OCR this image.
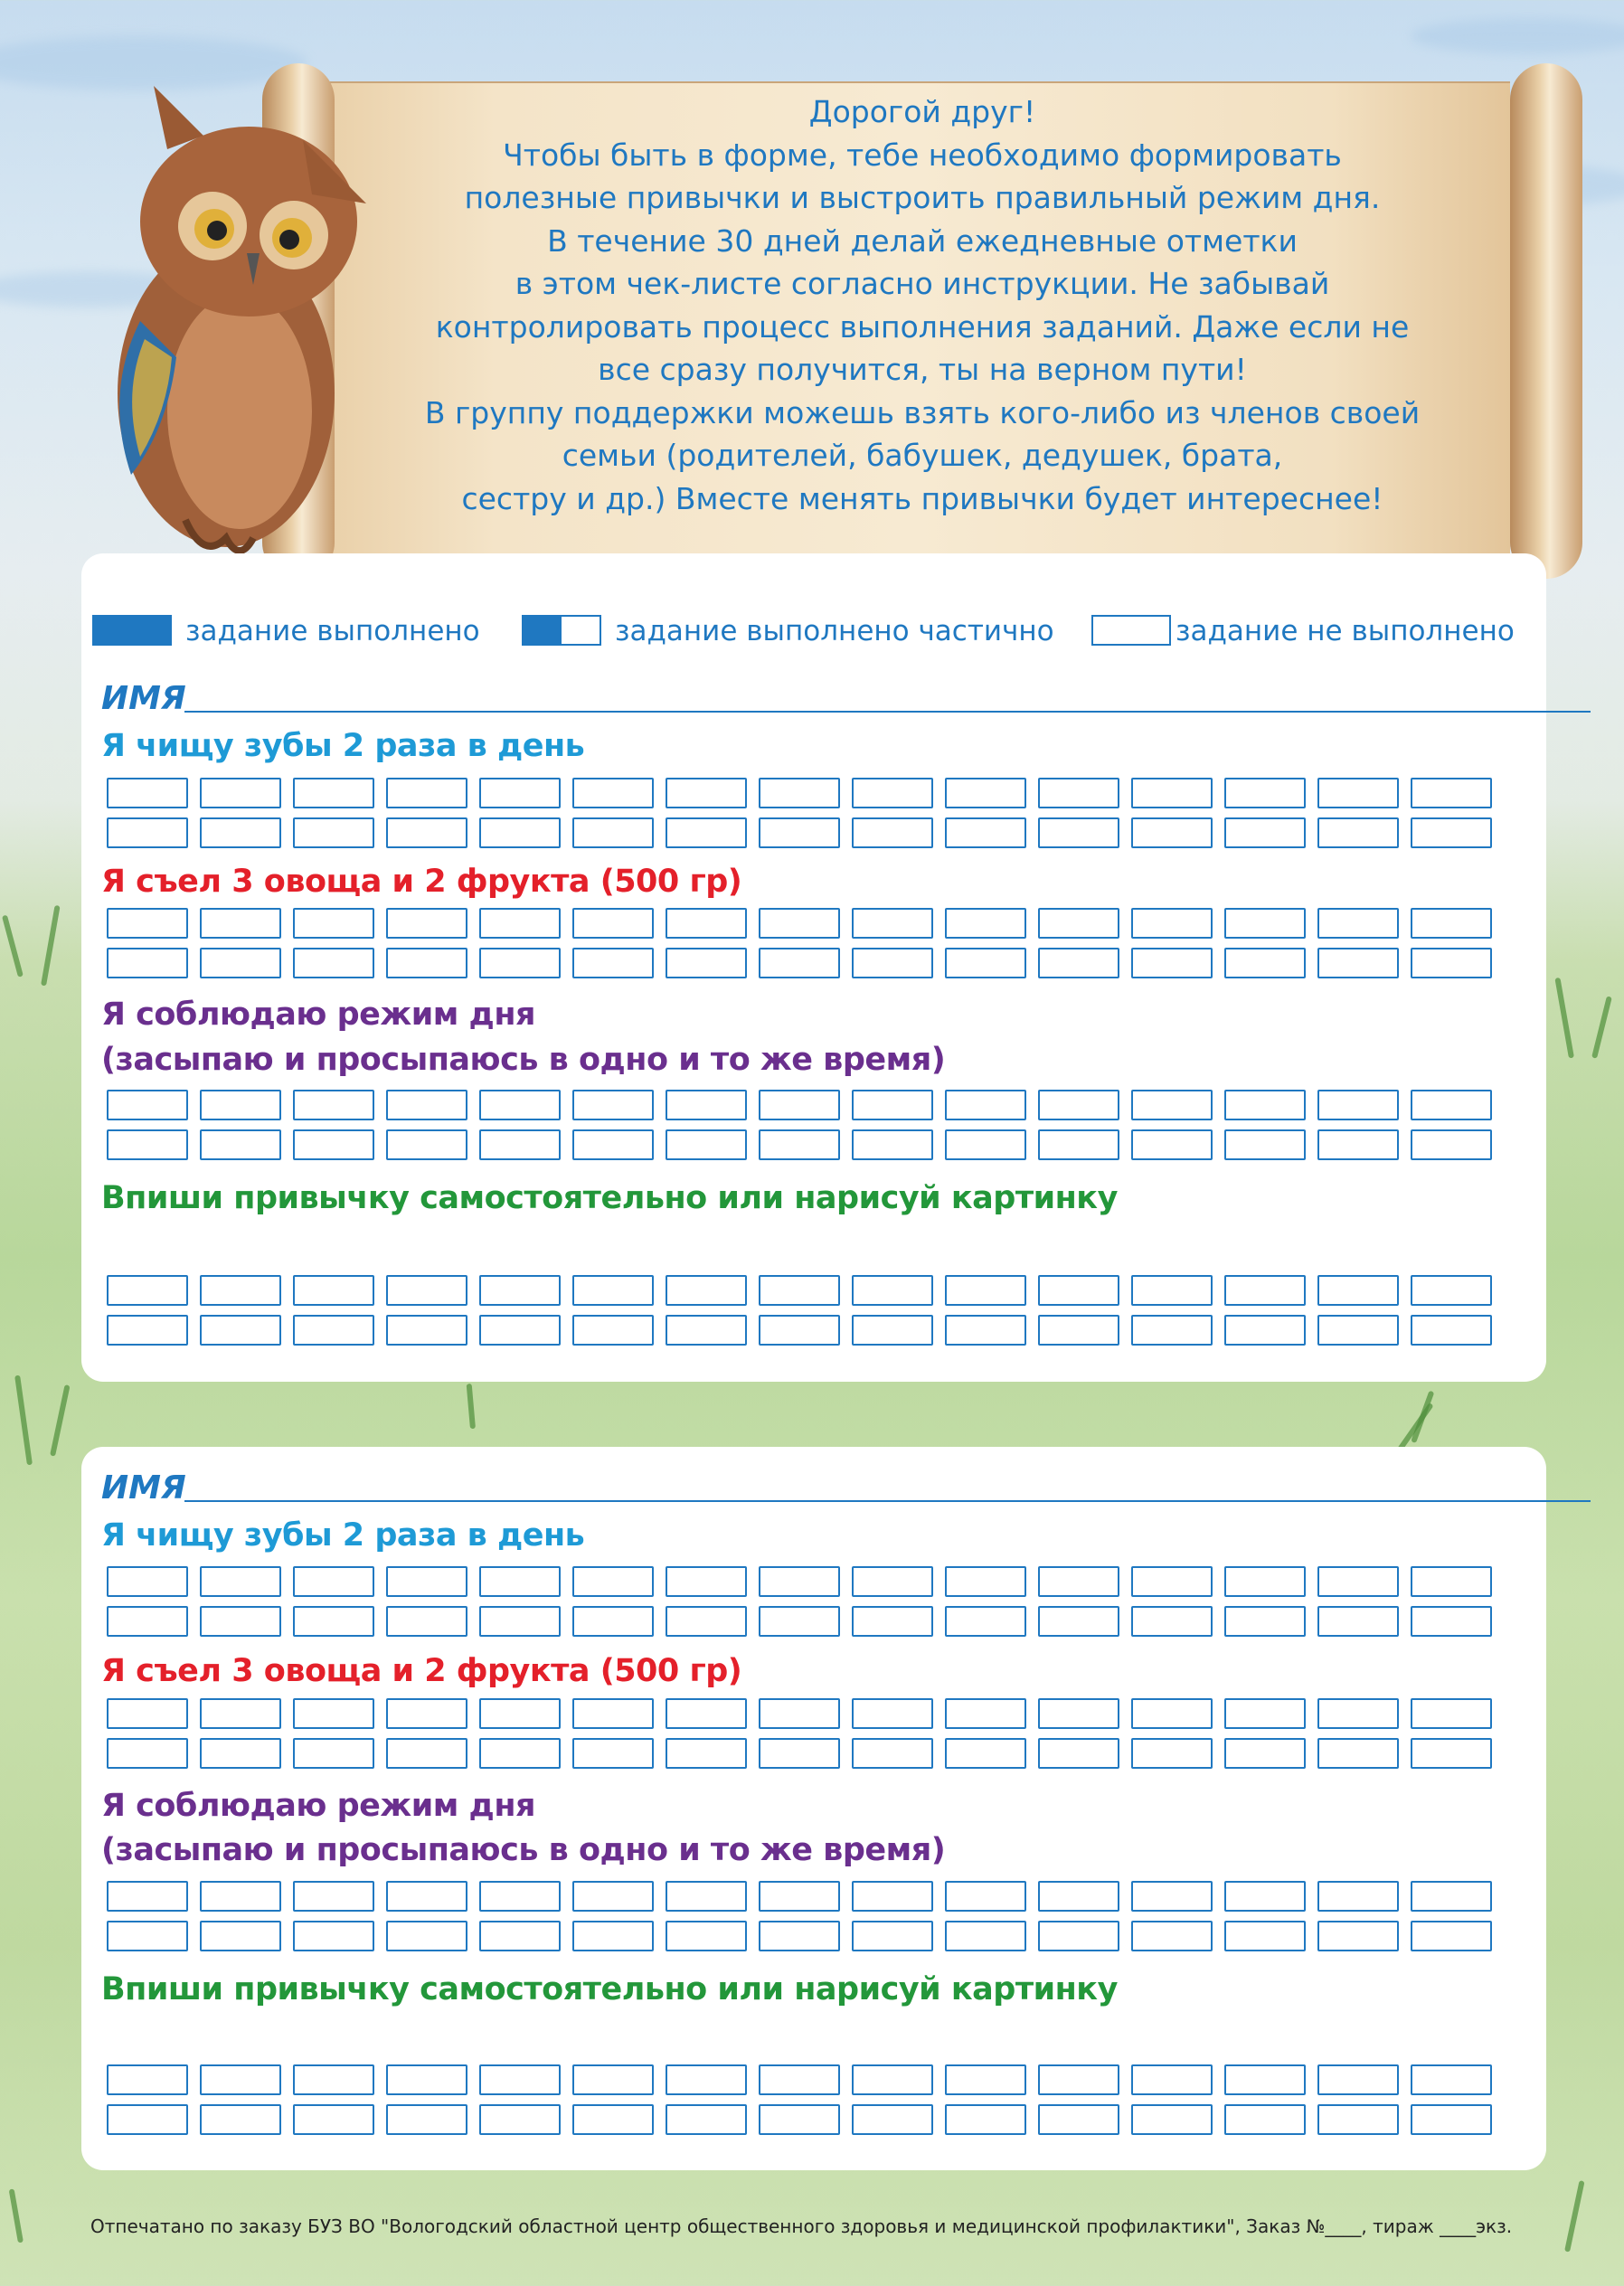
Дорогой друг!
Чтобы быть в форме, тебе необходимо формировать
полезные привычки и выстроить правильный режим дня.
В течение 30 дней делай ежедневные отметки
в этом чек-листе согласно инструкции. Не забывай
контролировать процесс выполнения заданий. Даже если не
все сразу получится, ты на верном пути!
В группу поддержки можешь взять кого-либо из членов своей
семьи (родителей, бабушек, дедушек, брата,
сестру и др.) Вместе менять привычки будет интереснее!
задание выполнено	задание выполнено частично	задание не выполнено
ИМЯ
Я чищу зубы 2 раза в день
Я съел 3 овоща и 2 фрукта (500 гр)
Я соблюдаю режим дня
(засыпаю и просыпаюсь в одно и то же время)
Впиши привычку самостоятельно или нарисуй картинку
ИМЯ
Я чищу зубы 2 раза в день
Я съел 3 овоща и 2 фрукта (500 гр)
Я соблюдаю режим дня
(засыпаю и просыпаюсь в одно и то же время)
Впиши привычку самостоятельно или нарисуй картинку
Отпечатано по заказу БУЗ ВО "Вологодский областной центр общественного здоровья и медицинской профилактики", Заказ №____, тираж ____экз.
